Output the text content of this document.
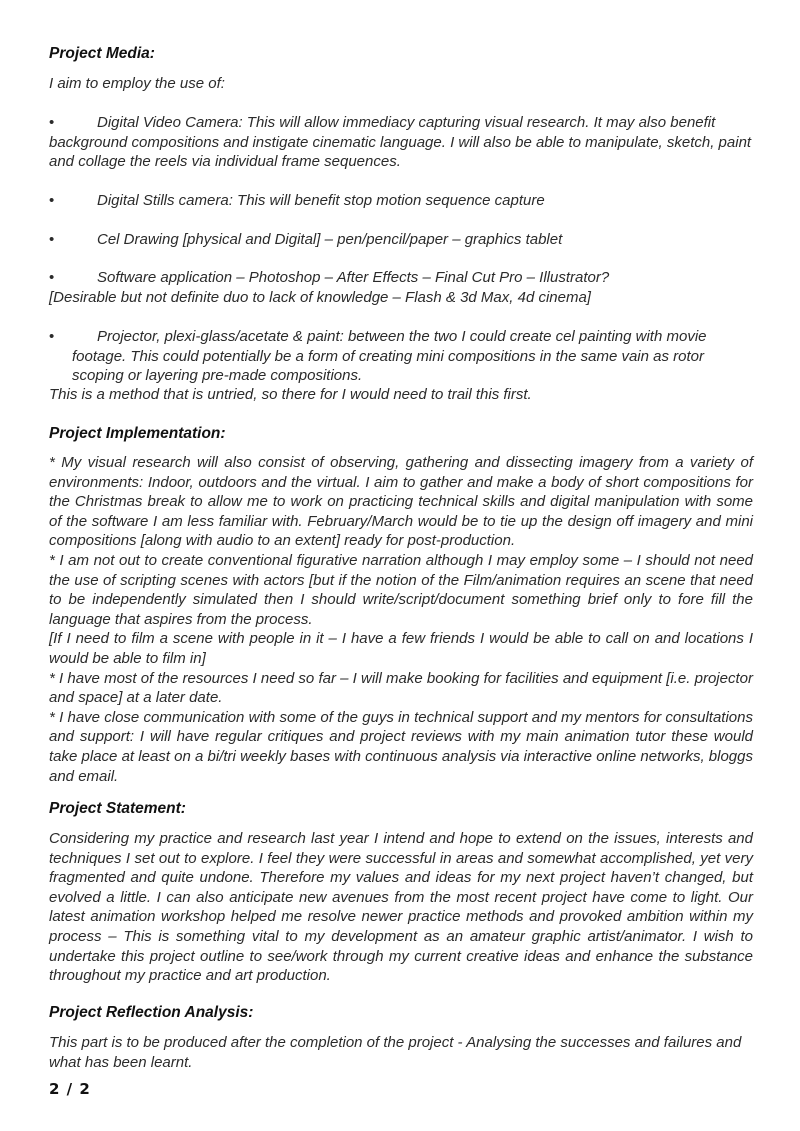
Project Media:

I aim to employ the use of:

•	Digital Video Camera: This will allow immediacy capturing visual research. It may also benefit
background compositions and instigate cinematic language. I will also be able to manipulate, sketch, paint and collage the reels via individual frame sequences.
•	Digital Stills camera: This will benefit stop motion sequence capture
•	Cel Drawing [physical and Digital] – pen/pencil/paper – graphics tablet
•	Software application – Photoshop – After Effects – Final Cut Pro – Illustrator?
[Desirable but not definite duo to lack of knowledge – Flash & 3d Max, 4d cinema]
•	Projector, plexi-glass/acetate & paint: between the two I could create cel painting with movie
footage. This could potentially be a form of creating mini compositions in the same vain as rotor scoping or layering pre-made compositions.

This is a method that is untried, so there for I would need to trail this first.

Project Implementation:
* My visual research will also consist of observing, gathering and dissecting imagery from a variety of environments: Indoor, outdoors and the virtual. I aim to gather and make a body of short compositions for the Christmas break to allow me to work on practicing technical skills and digital manipulation with some of the software I am less familiar with. February/March would be to tie up the design off imagery and mini compositions [along with audio to an extent] ready for post-production.
* I am not out to create conventional figurative narration although I may employ some – I should not need the use of scripting scenes with actors [but if the notion of the Film/animation requires an scene that need to be independently simulated then I should write/script/document something brief only to fore fill the language that aspires from the process.
[If I need to film a scene with people in it – I have a few friends I would be able to call on and locations I would be able to film in]
* I have most of the resources I need so far – I will make booking for facilities and equipment [i.e. projector and space] at a later date.
* I have close communication with some of the guys in technical support and my mentors for consultations and support: I will have regular critiques and project reviews with my main animation tutor these would take place at least on a bi/tri weekly bases with continuous analysis via interactive online networks, bloggs and email.
Project Statement:

Considering my practice and research last year I intend and hope to extend on the issues, interests and techniques I set out to explore. I feel they were successful in areas and somewhat accomplished, yet very fragmented and quite undone. Therefore my values and ideas for my next project haven’t changed, but evolved a little. I can also anticipate new avenues from the most recent project have come to light. Our latest animation workshop helped me resolve newer practice methods and provoked ambition within my process – This is something vital to my development as an amateur graphic artist/animator. I wish to undertake this project outline to see/work through my current creative ideas and enhance the substance throughout my practice and art production.

Project Reflection Analysis:

This part is to be produced after the completion of the project - Analysing the successes and failures and what has been learnt.

2 / 2
